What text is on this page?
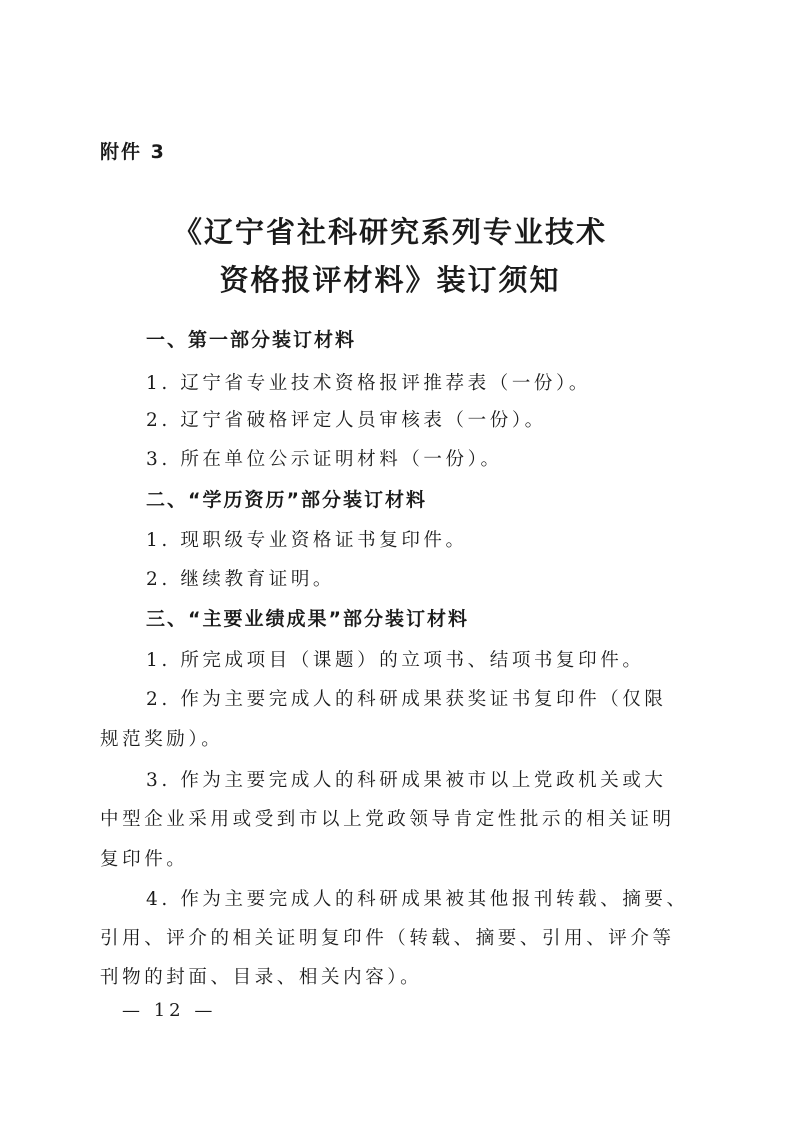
附件 3
《辽宁省社科研究系列专业技术
资格报评材料》装订须知
一、第一部分装订材料
1. 辽宁省专业技术资格报评推荐表（一份）。
2. 辽宁省破格评定人员审核表（一份）。
3. 所在单位公示证明材料（一份）。
二、“学历资历”部分装订材料
1. 现职级专业资格证书复印件。
2. 继续教育证明。
三、“主要业绩成果”部分装订材料
1. 所完成项目（课题）的立项书、结项书复印件。
2. 作为主要完成人的科研成果获奖证书复印件（仅限
规范奖励）。
3. 作为主要完成人的科研成果被市以上党政机关或大
中型企业采用或受到市以上党政领导肯定性批示的相关证明
复印件。
4. 作为主要完成人的科研成果被其他报刊转载、摘要、
引用、评介的相关证明复印件（转载、摘要、引用、评介等
刊物的封面、目录、相关内容）。
— 12 —
